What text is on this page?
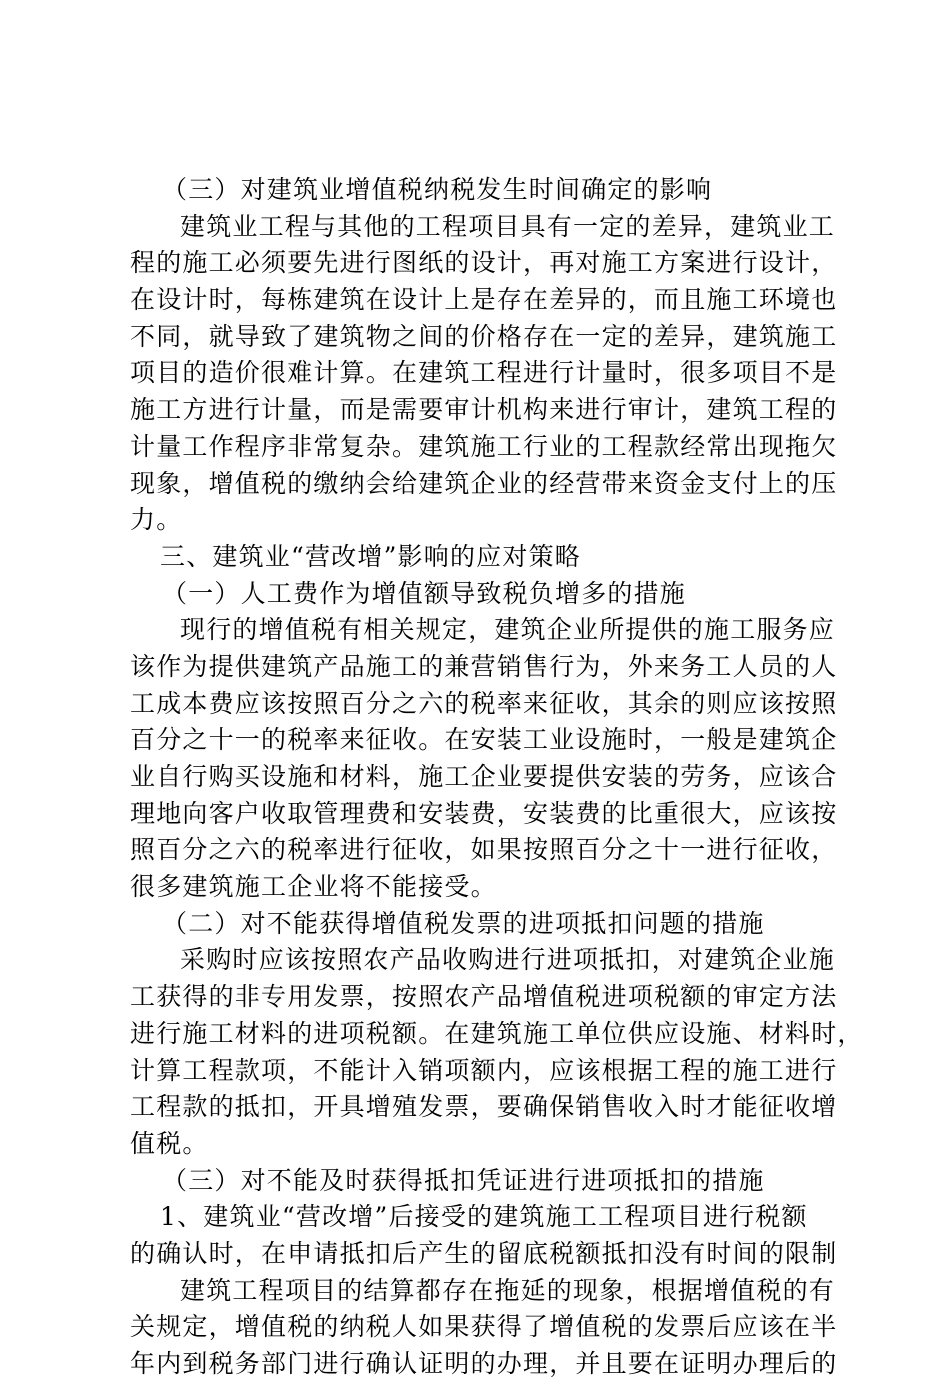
（三）对建筑业增值税纳税发生时间确定的影响
建筑业工程与其他的工程项目具有一定的差异，建筑业工
程的施工必须要先进行图纸的设计，再对施工方案进行设计，
在设计时，每栋建筑在设计上是存在差异的，而且施工环境也
不同，就导致了建筑物之间的价格存在一定的差异，建筑施工
项目的造价很难计算。在建筑工程进行计量时，很多项目不是
施工方进行计量，而是需要审计机构来进行审计，建筑工程的
计量工作程序非常复杂。建筑施工行业的工程款经常出现拖欠
现象，增值税的缴纳会给建筑企业的经营带来资金支付上的压
力。
三、建筑业“营改增”影响的应对策略
（一）人工费作为增值额导致税负增多的措施
现行的增值税有相关规定，建筑企业所提供的施工服务应
该作为提供建筑产品施工的兼营销售行为，外来务工人员的人
工成本费应该按照百分之六的税率来征收，其余的则应该按照
百分之十一的税率来征收。在安装工业设施时，一般是建筑企
业自行购买设施和材料，施工企业要提供安装的劳务，应该合
理地向客户收取管理费和安装费，安装费的比重很大，应该按
照百分之六的税率进行征收，如果按照百分之十一进行征收，
很多建筑施工企业将不能接受。
（二）对不能获得增值税发票的进项抵扣问题的措施
采购时应该按照农产品收购进行进项抵扣，对建筑企业施
工获得的非专用发票，按照农产品增值税进项税额的审定方法
进行施工材料的进项税额。在建筑施工单位供应设施、材料时，
计算工程款项，不能计入销项额内，应该根据工程的施工进行
工程款的抵扣，开具增殖发票，要确保销售收入时才能征收增
值税。
（三）对不能及时获得抵扣凭证进行进项抵扣的措施
1、建筑业“营改增”后接受的建筑施工工程项目进行税额
的确认时，在申请抵扣后产生的留底税额抵扣没有时间的限制
建筑工程项目的结算都存在拖延的现象，根据增值税的有
关规定，增值税的纳税人如果获得了增值税的发票后应该在半
年内到税务部门进行确认证明的办理，并且要在证明办理后的
